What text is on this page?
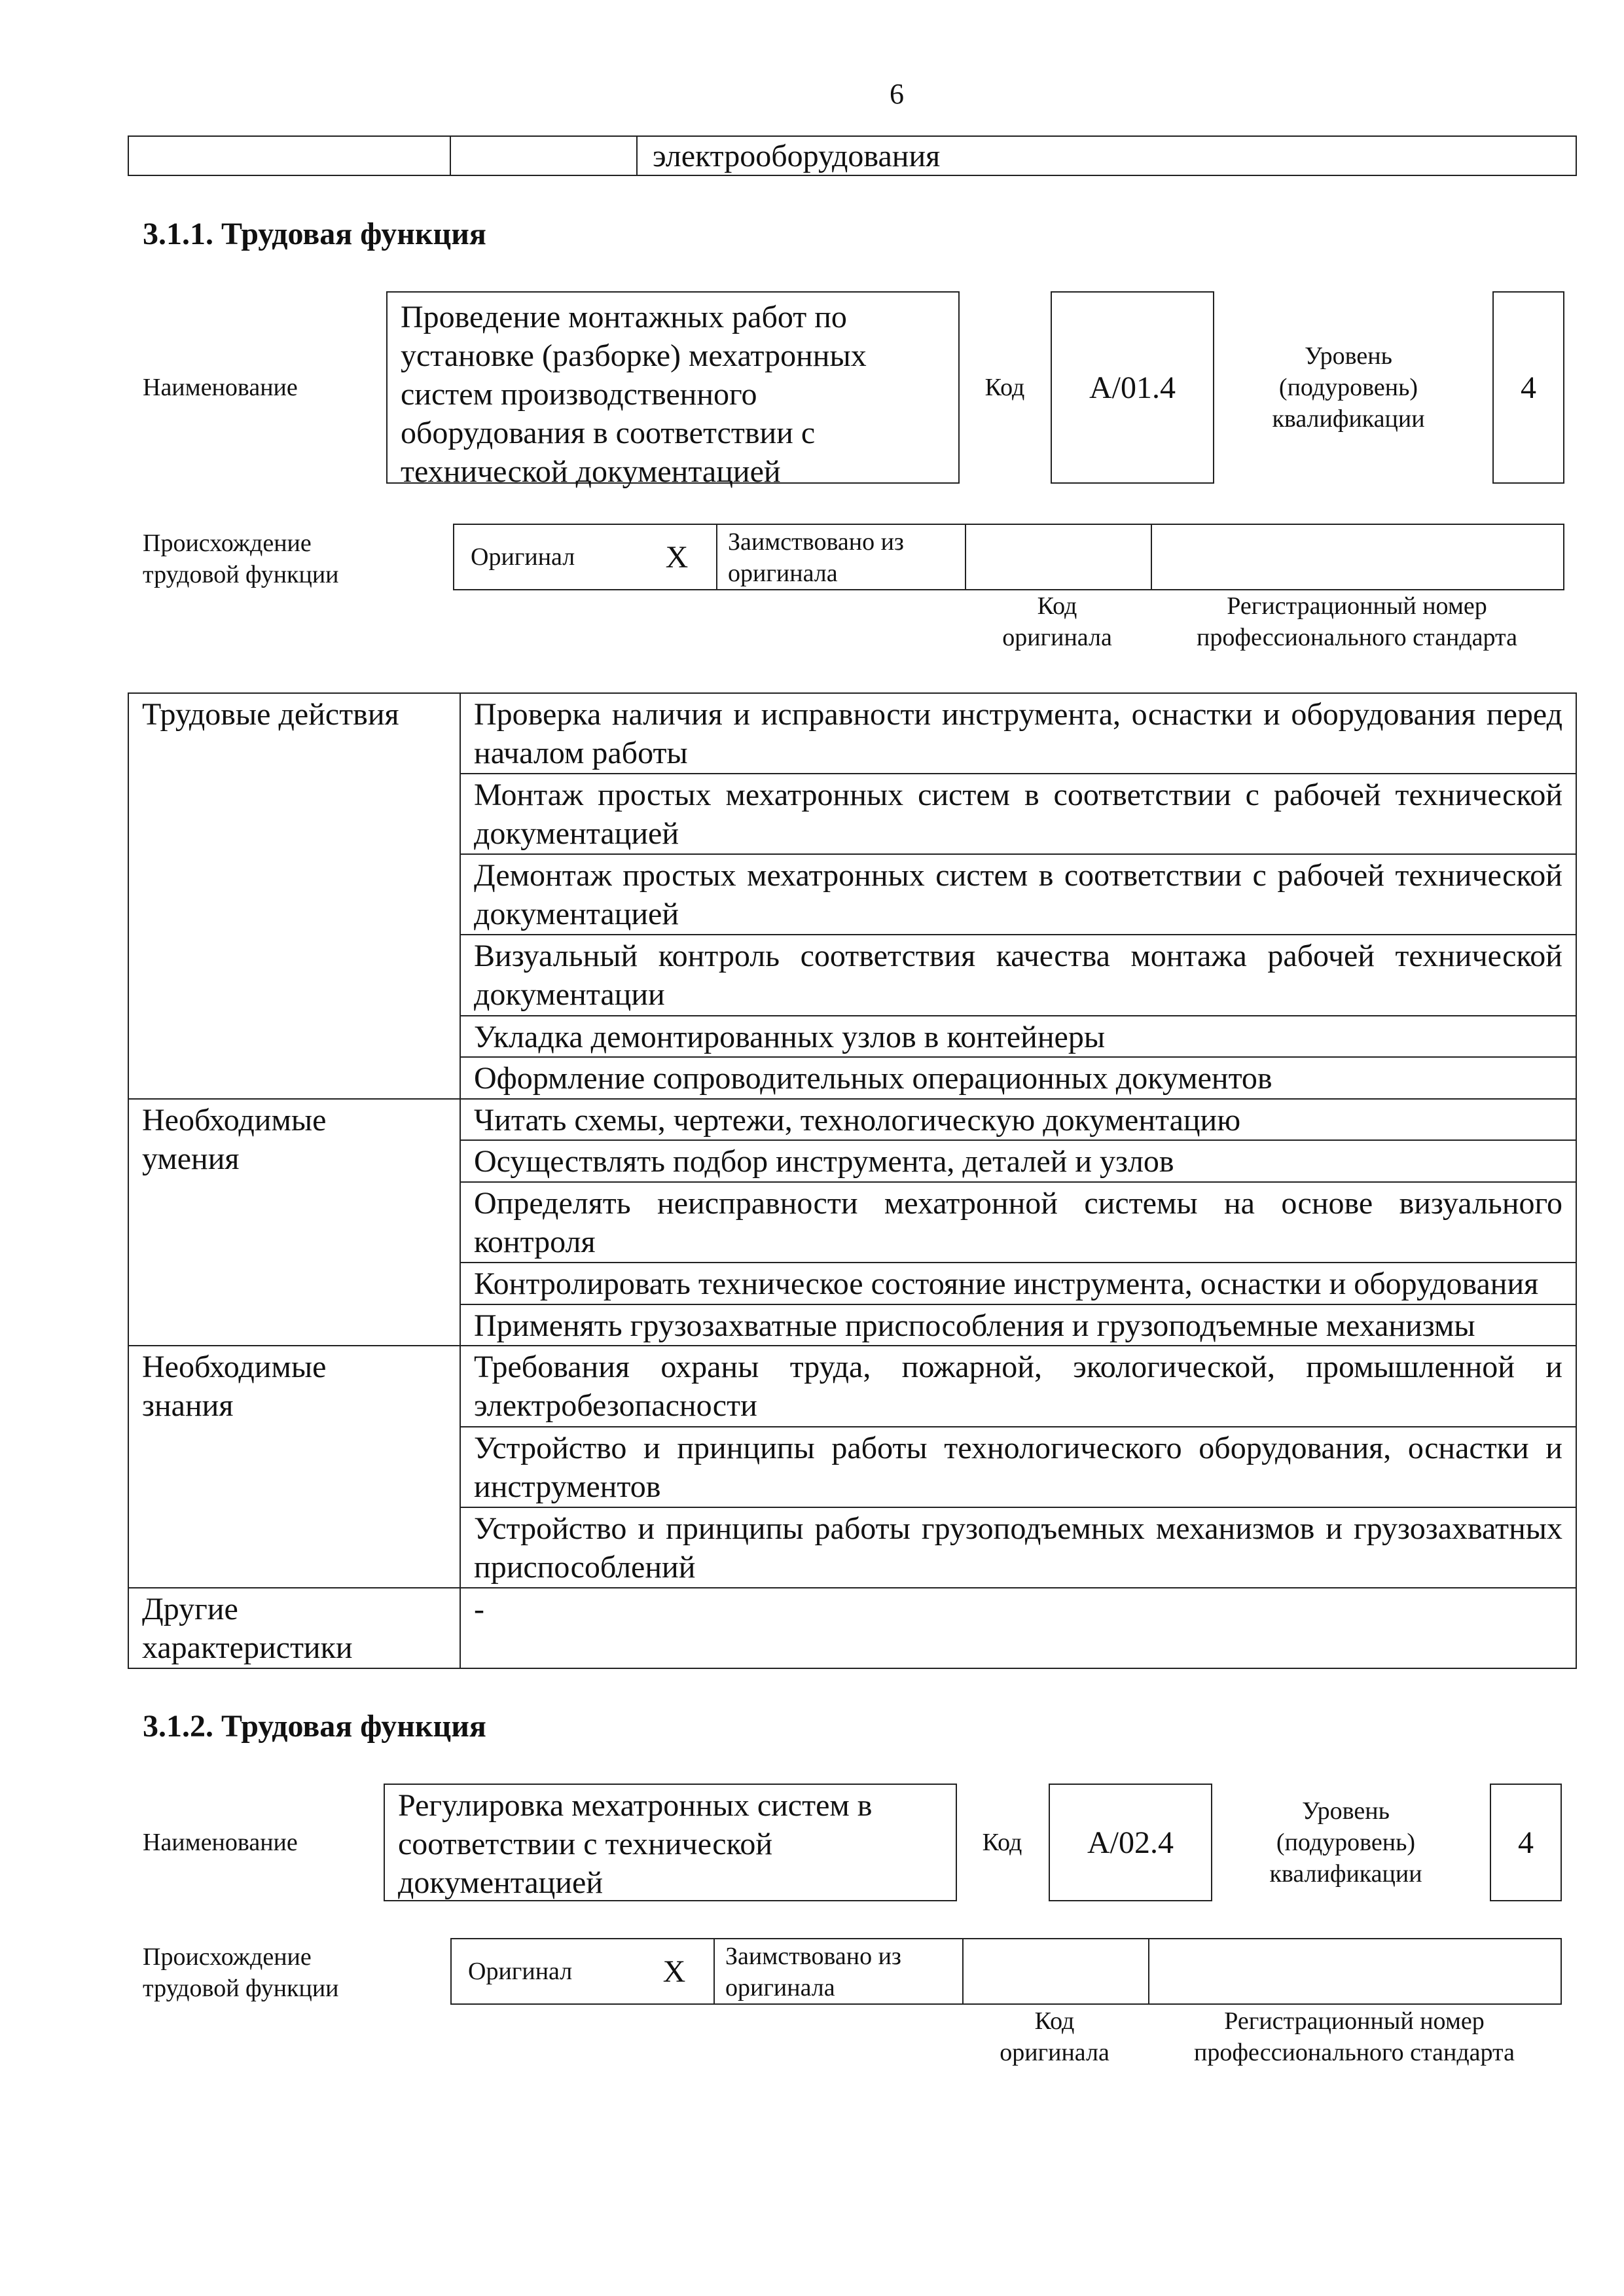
6
электрооборудования
3.1.1. Трудовая функция
Наименование
Проведение монтажных работ по
установке (разборке) мехатронных
систем производственного
оборудования в соответствии с
технической документацией
Код	A/01.4
Уровень
(подуровень)
квалификации
4
Происхождение
трудовой функции
Оригинал	X	Заимствовано из
оригинала
Код
оригинала
Регистрационный номер
профессионального стандарта
Трудовые действия	Проверка наличия и исправности инструмента, оснастки и оборудования перед началом работы
	Монтаж простых мехатронных систем в соответствии с рабочей технической документацией
	Демонтаж простых мехатронных систем в соответствии с рабочей технической документацией
	Визуальный контроль соответствия качества монтажа рабочей технической документации
	Укладка демонтированных узлов в контейнеры
	Оформление сопроводительных операционных документов

Необходимые
умения	Читать схемы, чертежи, технологическую документацию
	Осуществлять подбор инструмента, деталей и узлов
	Определять неисправности мехатронной системы на основе визуального контроля
	Контролировать техническое состояние инструмента, оснастки и оборудования
	Применять грузозахватные приспособления и грузоподъемные механизмы

Необходимые
знания	Требования охраны труда, пожарной, экологической, промышленной и электробезопасности
	Устройство и принципы работы технологического оборудования, оснастки и инструментов
	Устройство и принципы работы грузоподъемных механизмов и грузозахватных приспособлений

Другие
характеристики	-
3.1.2. Трудовая функция
Наименование
Регулировка мехатронных систем в
соответствии с технической
документацией
Код	A/02.4
Уровень
(подуровень)
квалификации
4
Происхождение
трудовой функции
Оригинал	X	Заимствовано из
оригинала
Код
оригинала
Регистрационный номер
профессионального стандарта
